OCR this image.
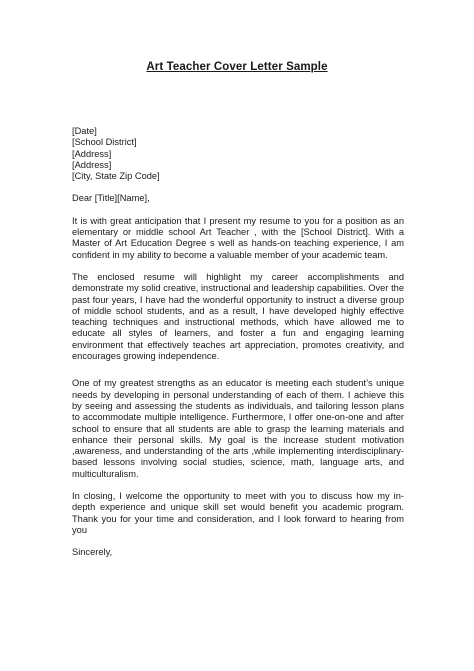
Art Teacher Cover Letter Sample
[Date]
[School District]
[Address]
[Address]
[City, State Zip Code]

Dear [Title][Name],

It is with great anticipation that I present my resume to you for a position as an elementary or middle school Art Teacher , with the [School District]. With a Master of Art Education Degree s well as hands-on teaching experience, I am confident in my ability to become a valuable member of your academic team.

The enclosed resume will highlight my career accomplishments and demonstrate my solid creative, instructional and leadership capabilities. Over the past four years, I have had the wonderful opportunity to instruct a diverse group of middle school students, and as a result, I have developed highly effective teaching techniques and instructional methods, which have allowed me to educate all styles of learners, and foster a fun and engaging learning environment that effectively teaches art appreciation, promotes creativity, and encourages growing independence.

One of my greatest strengths as an educator is meeting each student’s unique needs by developing in personal understanding of each of them. I achieve this by seeing and assessing the students as individuals, and tailoring lesson plans to accommodate multiple intelligence. Furthermore, I offer one-on-one and after school to ensure that all students are able to grasp the learning materials and enhance their personal skills. My goal is the increase student motivation ,awareness, and understanding of the arts ,while implementing interdisciplinary-based lessons involving social studies, science, math, language arts, and multiculturalism.

In closing, I welcome the opportunity to meet with you to discuss how my in-depth experience and unique skill set would benefit you academic program. Thank you for your time and consideration, and I look forward to hearing from you

Sincerely,
